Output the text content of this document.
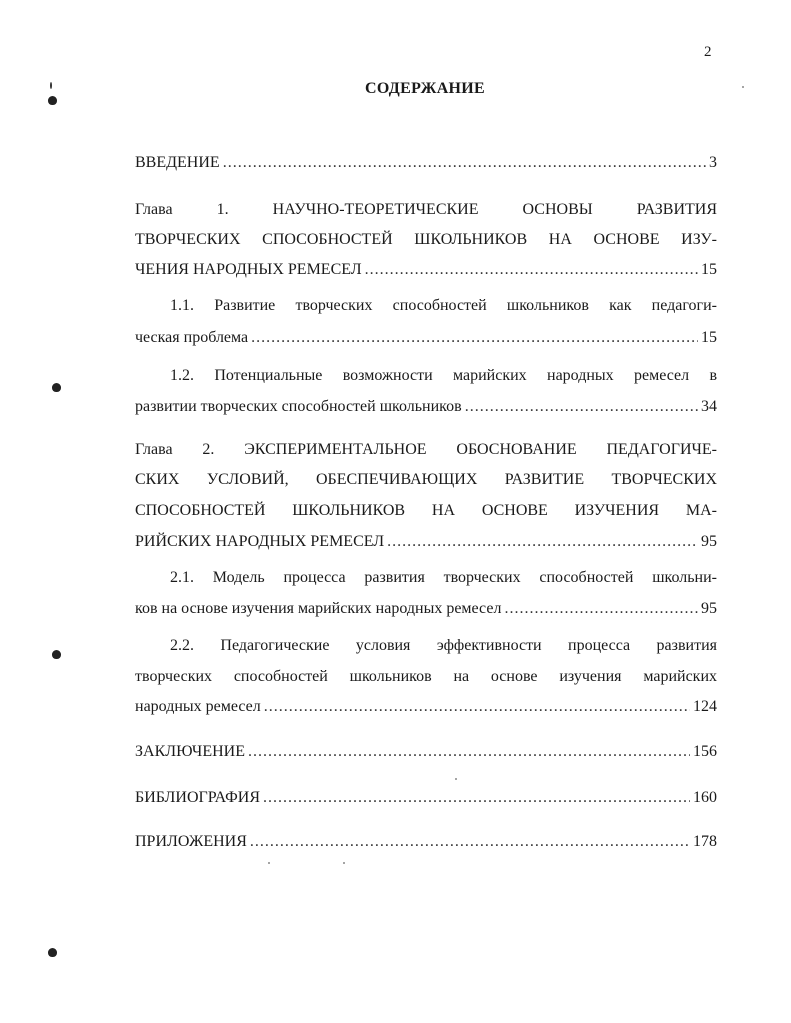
2
СОДЕРЖАНИЕ
ВВЕДЕНИЕ .....	3
Глава 1. НАУЧНО-ТЕОРЕТИЧЕСКИЕ ОСНОВЫ РАЗВИТИЯ
ТВОРЧЕСКИХ СПОСОБНОСТЕЙ ШКОЛЬНИКОВ НА ОСНОВЕ ИЗУ-
ЧЕНИЯ НАРОДНЫХ РЕМЕСЕЛ .....	15
1.1. Развитие творческих способностей школьников как педагоги-
ческая проблема .....	15
1.2. Потенциальные возможности марийских народных ремесел в
развитии творческих способностей школьников .....	34
Глава 2. ЭКСПЕРИМЕНТАЛЬНОЕ ОБОСНОВАНИЕ ПЕДАГОГИЧЕ-
СКИХ УСЛОВИЙ, ОБЕСПЕЧИВАЮЩИХ РАЗВИТИЕ ТВОРЧЕСКИХ
СПОСОБНОСТЕЙ ШКОЛЬНИКОВ НА ОСНОВЕ ИЗУЧЕНИЯ МА-
РИЙСКИХ НАРОДНЫХ РЕМЕСЕЛ .....	95
2.1. Модель процесса развития творческих способностей школьни-
ков на основе изучения марийских народных ремесел .....	95
2.2. Педагогические условия эффективности процесса развития
творческих способностей школьников на основе изучения марийских
народных ремесел .....	124
ЗАКЛЮЧЕНИЕ .....	156
БИБЛИОГРАФИЯ .....	160
ПРИЛОЖЕНИЯ .....	178
